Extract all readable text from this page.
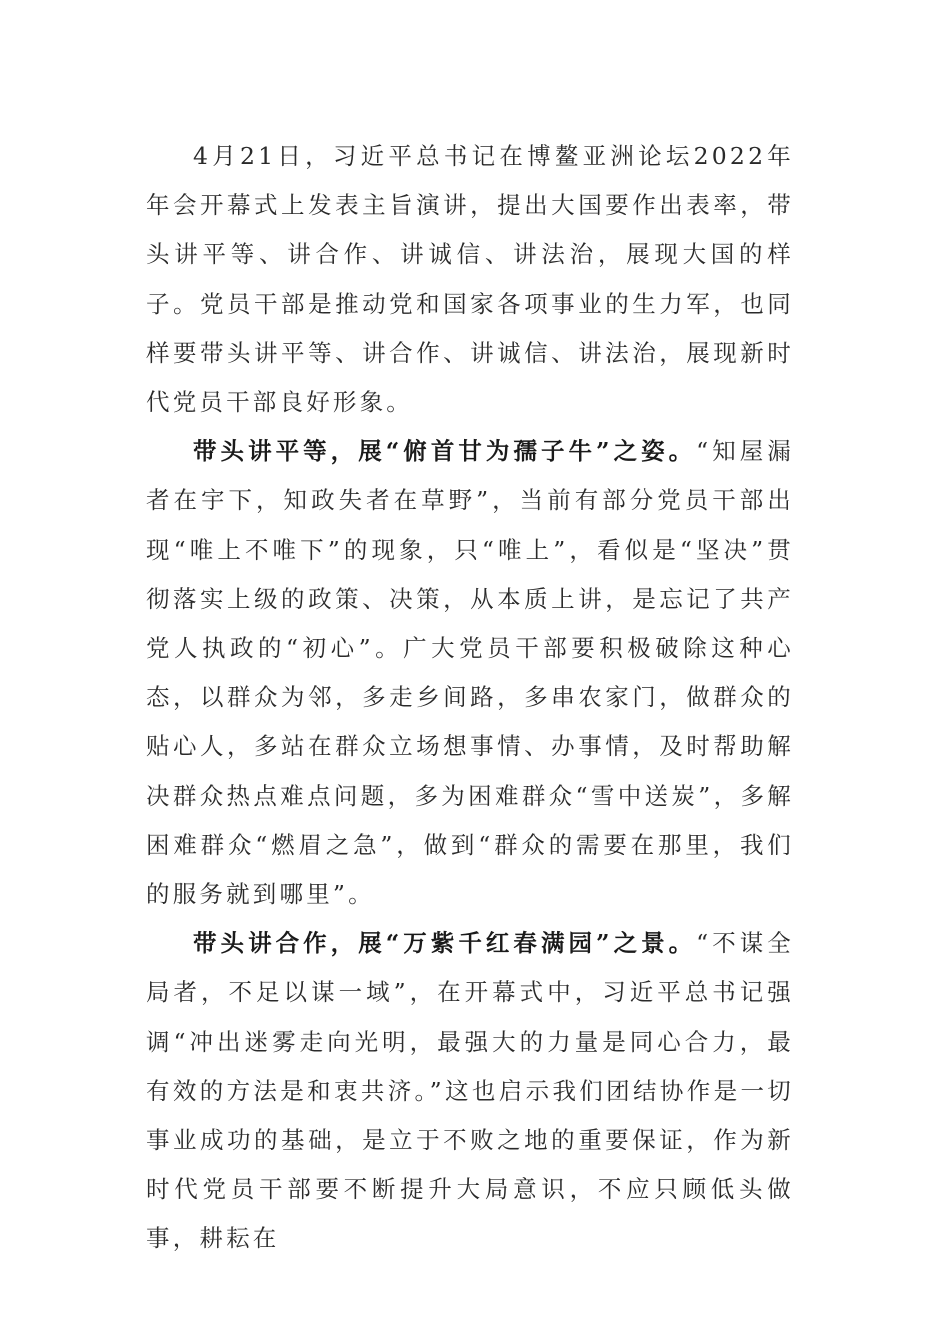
4月21日，习近平总书记在博鳌亚洲论坛2022年年会开幕式上发表主旨演讲，提出大国要作出表率，带头讲平等、讲合作、讲诚信、讲法治，展现大国的样子。党员干部是推动党和国家各项事业的生力军，也同样要带头讲平等、讲合作、讲诚信、讲法治，展现新时代党员干部良好形象。

带头讲平等，展“俯首甘为孺子牛”之姿。“知屋漏者在宇下，知政失者在草野”，当前有部分党员干部出现“唯上不唯下”的现象，只“唯上”，看似是“坚决”贯彻落实上级的政策、决策，从本质上讲，是忘记了共产党人执政的“初心”。广大党员干部要积极破除这种心态，以群众为邻，多走乡间路，多串农家门，做群众的贴心人，多站在群众立场想事情、办事情，及时帮助解决群众热点难点问题，多为困难群众“雪中送炭”，多解困难群众“燃眉之急”，做到“群众的需要在那里，我们的服务就到哪里”。

带头讲合作，展“万紫千红春满园”之景。“不谋全局者，不足以谋一域”，在开幕式中，习近平总书记强调“冲出迷雾走向光明，最强大的力量是同心合力，最有效的方法是和衷共济。”这也启示我们团结协作是一切事业成功的基础，是立于不败之地的重要保证，作为新时代党员干部要不断提升大局意识，不应只顾低头做事，耕耘在
